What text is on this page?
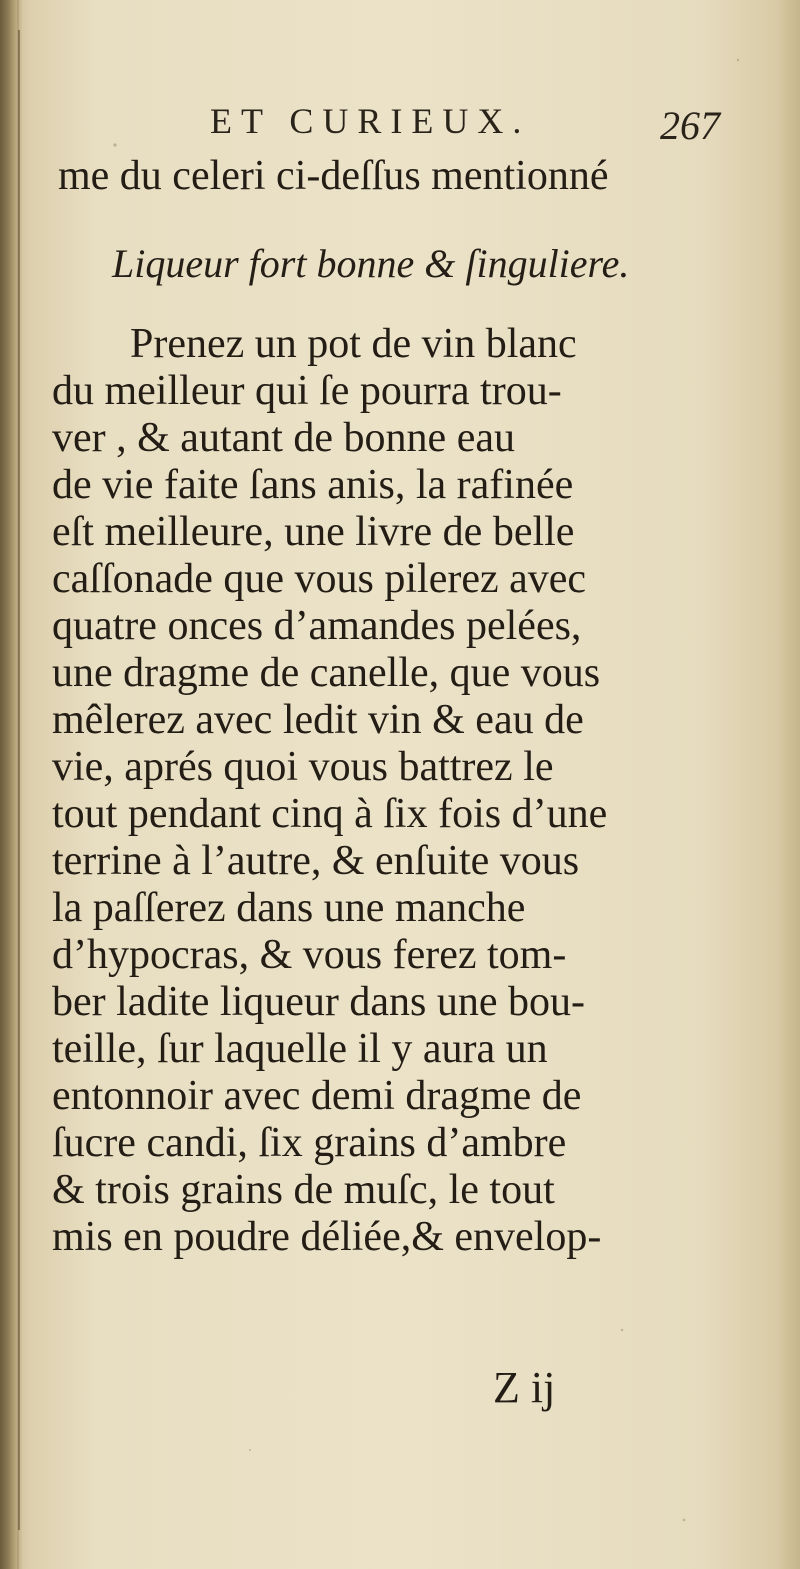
ET CURIEUX.	267
me du celeri ci-deſſus mentionné
Liqueur fort bonne & ſinguliere.
Prenez un pot de vin blanc
du meilleur qui ſe pourra trou-
ver , & autant de bonne eau
de vie faite ſans anis, la rafinée
eſt meilleure, une livre de belle
caſſonade que vous pilerez avec
quatre onces d’amandes pelées,
une dragme de canelle, que vous
mêlerez avec ledit vin & eau de
vie, aprés quoi vous battrez le
tout pendant cinq à ſix fois d’une
terrine à l’autre, & enſuite vous
la paſſerez dans une manche
d’hypocras, & vous ferez tom-
ber ladite liqueur dans une bou-
teille, ſur laquelle il y aura un
entonnoir avec demi dragme de
ſucre candi, ſix grains d’ambre
& trois grains de muſc, le tout
mis en poudre déliée,& envelop-
Z ij
